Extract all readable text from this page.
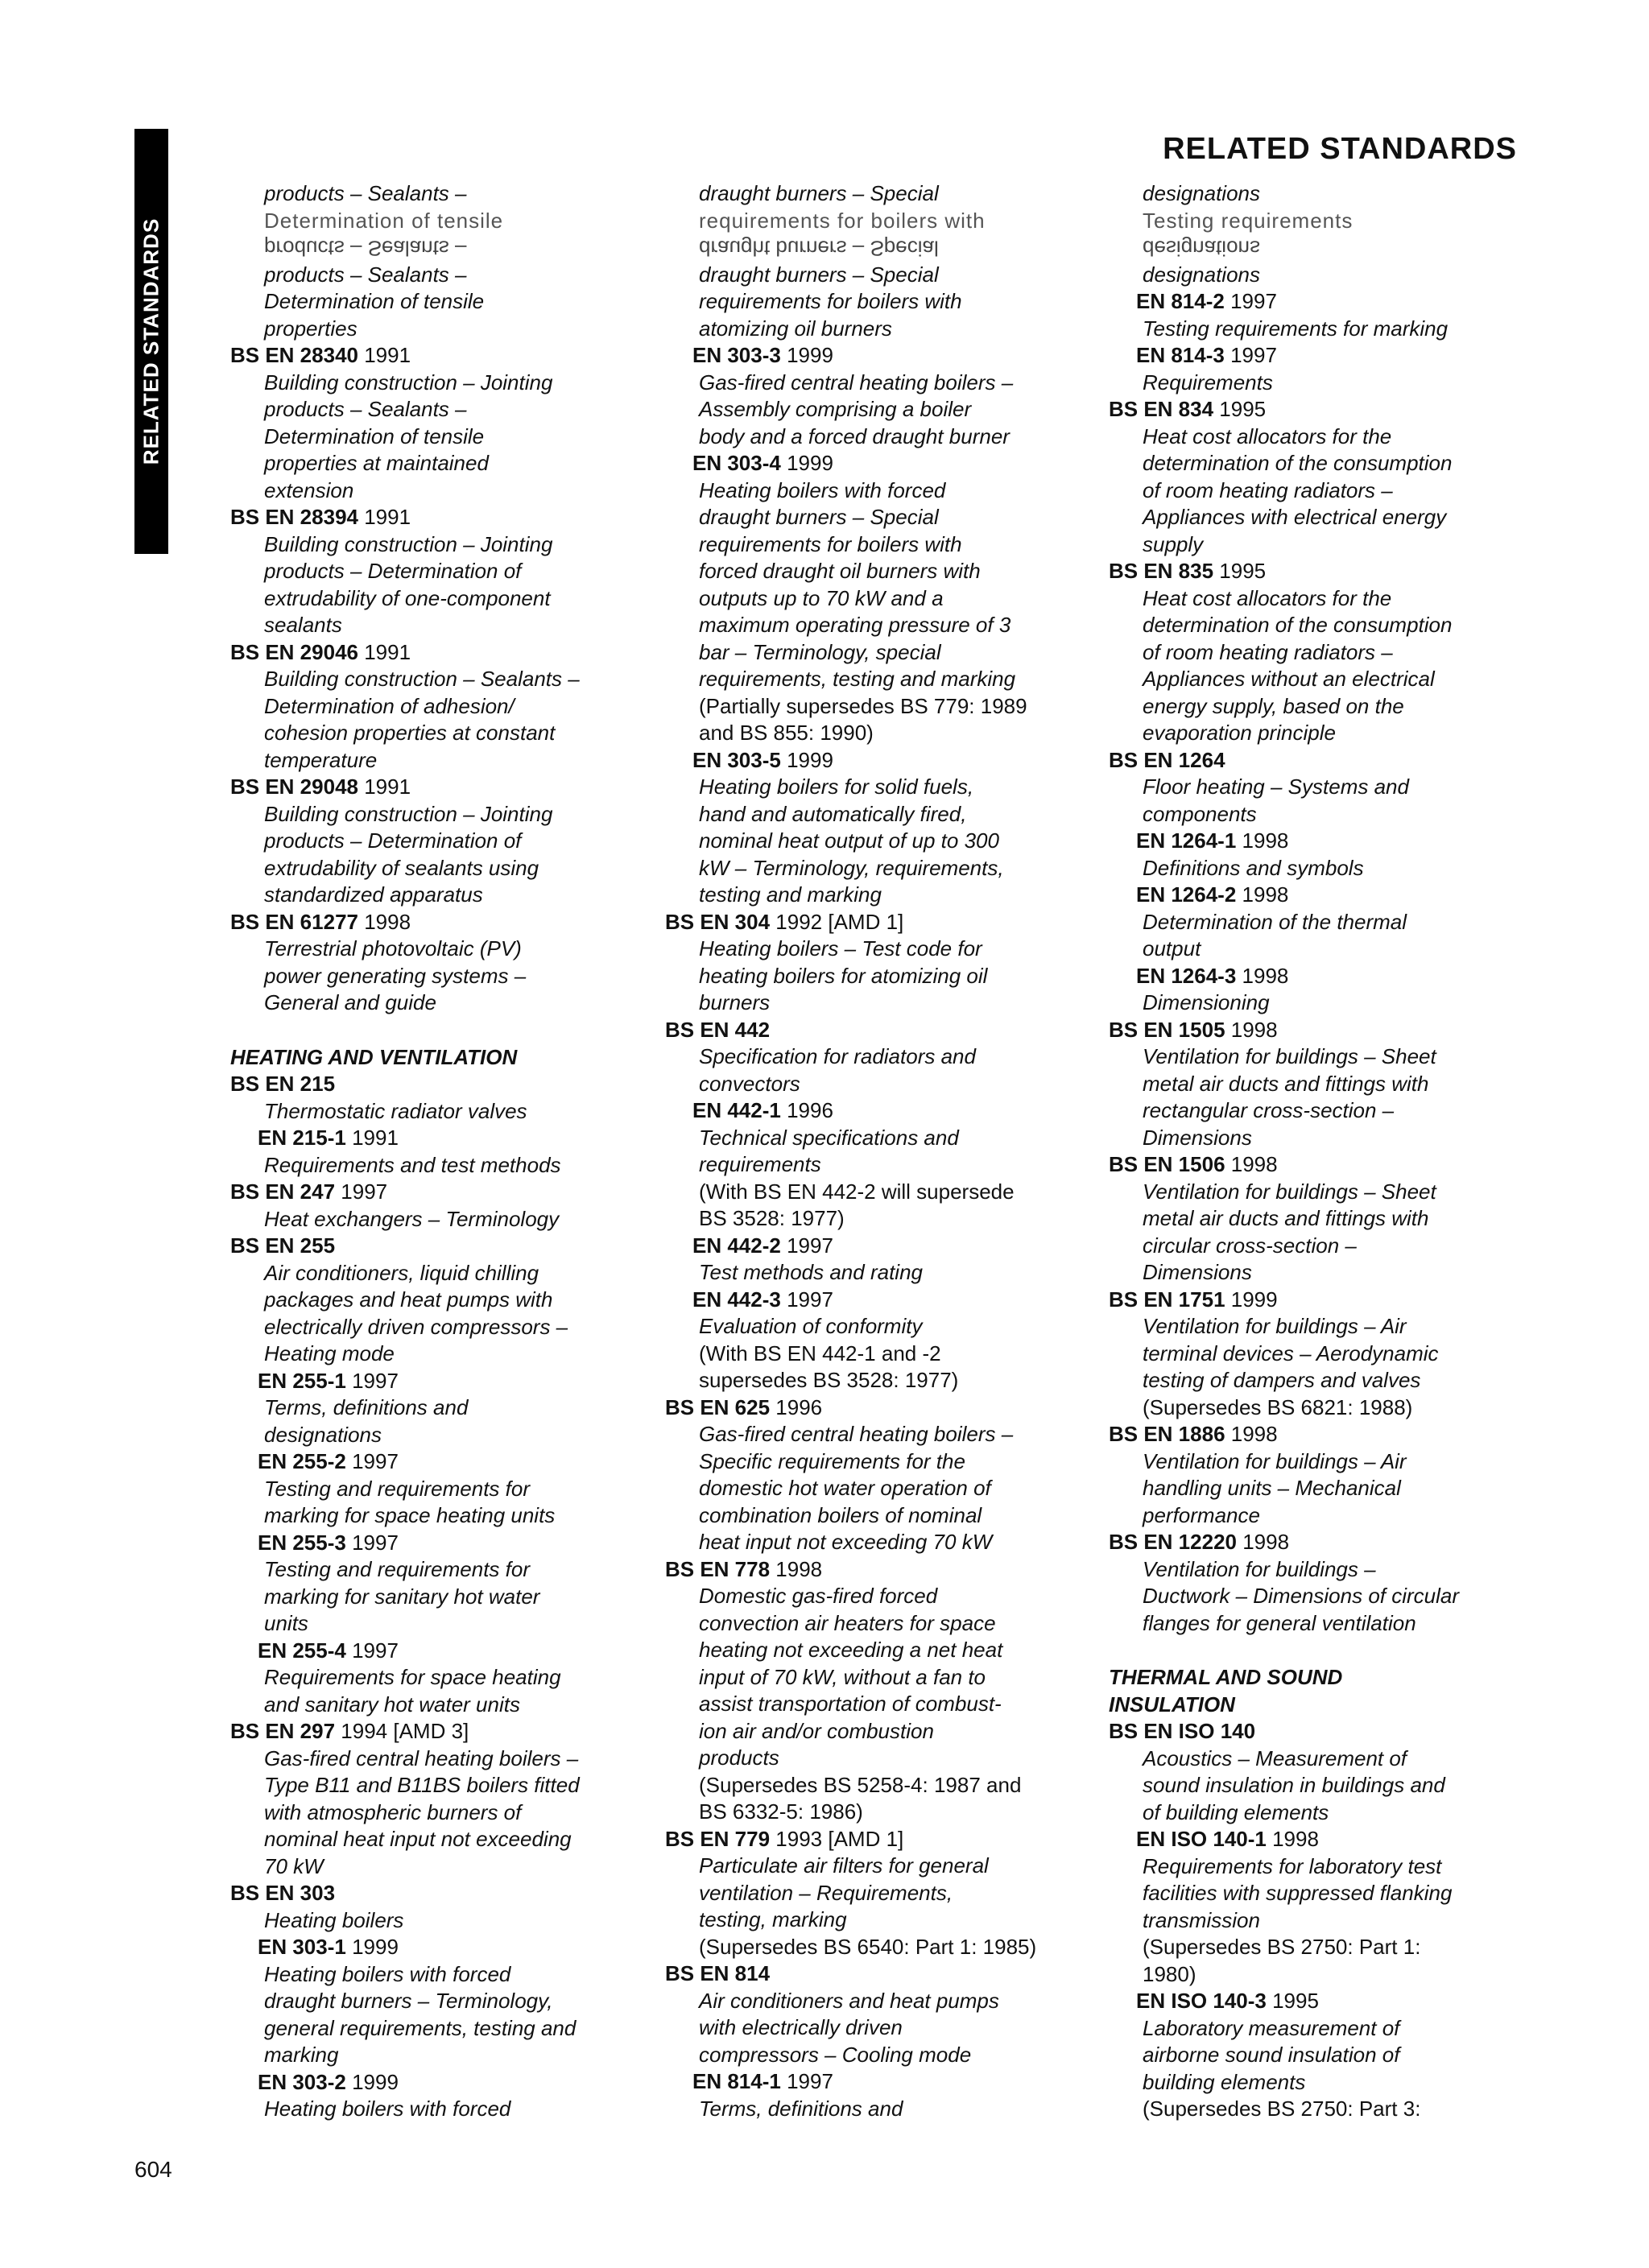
RELATED STANDARDS
RELATED STANDARDS
products – Sealants –
Determination of tensile
products – Sealants –
products – Sealants –
Determination of tensile
properties
BS EN 28340 1991
Building construction – Jointing
products – Sealants –
Determination of tensile
properties at maintained
extension
BS EN 28394 1991
Building construction – Jointing
products – Determination of
extrudability of one-component
sealants
BS EN 29046 1991
Building construction – Sealants –
Determination of adhesion/
cohesion properties at constant
temperature
BS EN 29048 1991
Building construction – Jointing
products – Determination of
extrudability of sealants using
standardized apparatus
BS EN 61277 1998
Terrestrial photovoltaic (PV)
power generating systems –
General and guide
HEATING AND VENTILATION
BS EN 215
Thermostatic radiator valves
EN 215-1 1991
Requirements and test methods
BS EN 247 1997
Heat exchangers – Terminology
BS EN 255
Air conditioners, liquid chilling
packages and heat pumps with
electrically driven compressors –
Heating mode
EN 255-1 1997
Terms, definitions and
designations
EN 255-2 1997
Testing and requirements for
marking for space heating units
EN 255-3 1997
Testing and requirements for
marking for sanitary hot water
units
EN 255-4 1997
Requirements for space heating
and sanitary hot water units
BS EN 297 1994 [AMD 3]
Gas-fired central heating boilers –
Type B11 and B11BS boilers fitted
with atmospheric burners of
nominal heat input not exceeding
70 kW
BS EN 303
Heating boilers
EN 303-1 1999
Heating boilers with forced
draught burners – Terminology,
general requirements, testing and
marking
EN 303-2 1999
Heating boilers with forced
draught burners – Special
requirements for boilers with
draught burners – Special
draught burners – Special
requirements for boilers with
atomizing oil burners
EN 303-3 1999
Gas-fired central heating boilers –
Assembly comprising a boiler
body and a forced draught burner
EN 303-4 1999
Heating boilers with forced
draught burners – Special
requirements for boilers with
forced draught oil burners with
outputs up to 70 kW and a
maximum operating pressure of 3
bar – Terminology, special
requirements, testing and marking
(Partially supersedes BS 779: 1989
and BS 855: 1990)
EN 303-5 1999
Heating boilers for solid fuels,
hand and automatically fired,
nominal heat output of up to 300
kW – Terminology, requirements,
testing and marking
BS EN 304 1992 [AMD 1]
Heating boilers – Test code for
heating boilers for atomizing oil
burners
BS EN 442
Specification for radiators and
convectors
EN 442-1 1996
Technical specifications and
requirements
(With BS EN 442-2 will supersede
BS 3528: 1977)
EN 442-2 1997
Test methods and rating
EN 442-3 1997
Evaluation of conformity
(With BS EN 442-1 and -2
supersedes BS 3528: 1977)
BS EN 625 1996
Gas-fired central heating boilers –
Specific requirements for the
domestic hot water operation of
combination boilers of nominal
heat input not exceeding 70 kW
BS EN 778 1998
Domestic gas-fired forced
convection air heaters for space
heating not exceeding a net heat
input of 70 kW, without a fan to
assist transportation of combust-
ion air and/or combustion
products
(Supersedes BS 5258-4: 1987 and
BS 6332-5: 1986)
BS EN 779 1993 [AMD 1]
Particulate air filters for general
ventilation – Requirements,
testing, marking
(Supersedes BS 6540: Part 1: 1985)
BS EN 814
Air conditioners and heat pumps
with electrically driven
compressors – Cooling mode
EN 814-1 1997
Terms, definitions and
designations
Testing requirements
designations
designations
EN 814-2 1997
Testing requirements for marking
EN 814-3 1997
Requirements
BS EN 834 1995
Heat cost allocators for the
determination of the consumption
of room heating radiators –
Appliances with electrical energy
supply
BS EN 835 1995
Heat cost allocators for the
determination of the consumption
of room heating radiators –
Appliances without an electrical
energy supply, based on the
evaporation principle
BS EN 1264
Floor heating – Systems and
components
EN 1264-1 1998
Definitions and symbols
EN 1264-2 1998
Determination of the thermal
output
EN 1264-3 1998
Dimensioning
BS EN 1505 1998
Ventilation for buildings – Sheet
metal air ducts and fittings with
rectangular cross-section –
Dimensions
BS EN 1506 1998
Ventilation for buildings – Sheet
metal air ducts and fittings with
circular cross-section –
Dimensions
BS EN 1751 1999
Ventilation for buildings – Air
terminal devices – Aerodynamic
testing of dampers and valves
(Supersedes BS 6821: 1988)
BS EN 1886 1998
Ventilation for buildings – Air
handling units – Mechanical
performance
BS EN 12220 1998
Ventilation for buildings –
Ductwork – Dimensions of circular
flanges for general ventilation
THERMAL AND SOUND
INSULATION
BS EN ISO 140
Acoustics – Measurement of
sound insulation in buildings and
of building elements
EN ISO 140-1 1998
Requirements for laboratory test
facilities with suppressed flanking
transmission
(Supersedes BS 2750: Part 1:
1980)
EN ISO 140-3 1995
Laboratory measurement of
airborne sound insulation of
building elements
(Supersedes BS 2750: Part 3:
604
